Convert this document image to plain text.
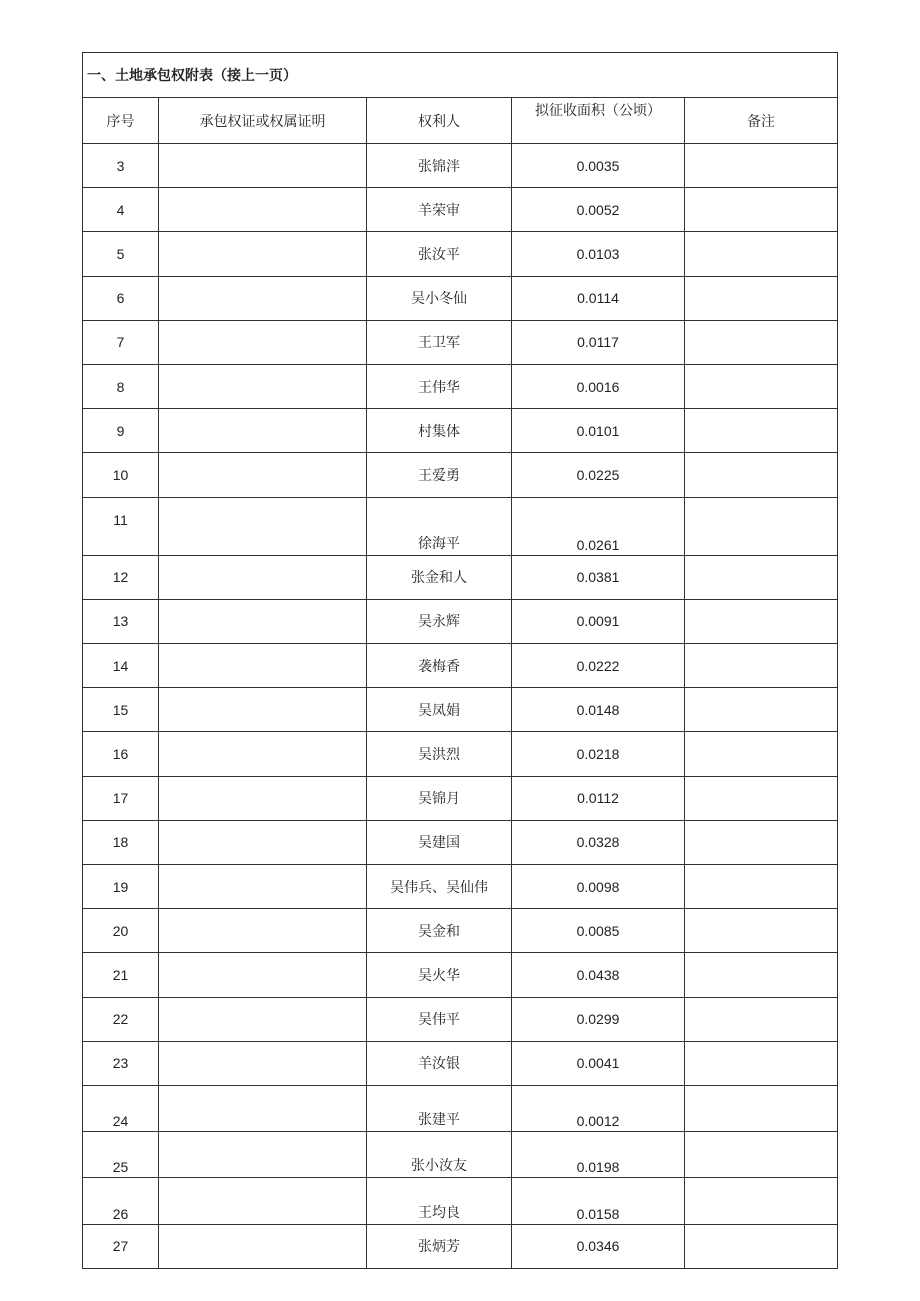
一、土地承包权附表（接上一页）				
序号	承包权证或权属证明	权利人	拟征收面积（公顷）	备注
3		张锦泮	0.0035	
4		羊荣审	0.0052	
5		张汝平	0.0103	
6		吴小冬仙	0.0114	
7		王卫军	0.0117	
8		王伟华	0.0016	
9		村集体	0.0101	
10		王爱勇	0.0225	
11		徐海平	0.0261	
12		张金和人	0.0381	
13		吴永辉	0.0091	
14		袭梅香	0.0222	
15		吴凤娟	0.0148	
16		吴洪烈	0.0218	
17		吴锦月	0.0112	
18		吴建国	0.0328	
19		吴伟兵、吴仙伟	0.0098	
20		吴金和	0.0085	
21		吴火华	0.0438	
22		吴伟平	0.0299	
23		羊汝银	0.0041	
24		张建平	0.0012	
25		张小汝友	0.0198	
26		王均良	0.0158	
27		张炳芳	0.0346	
